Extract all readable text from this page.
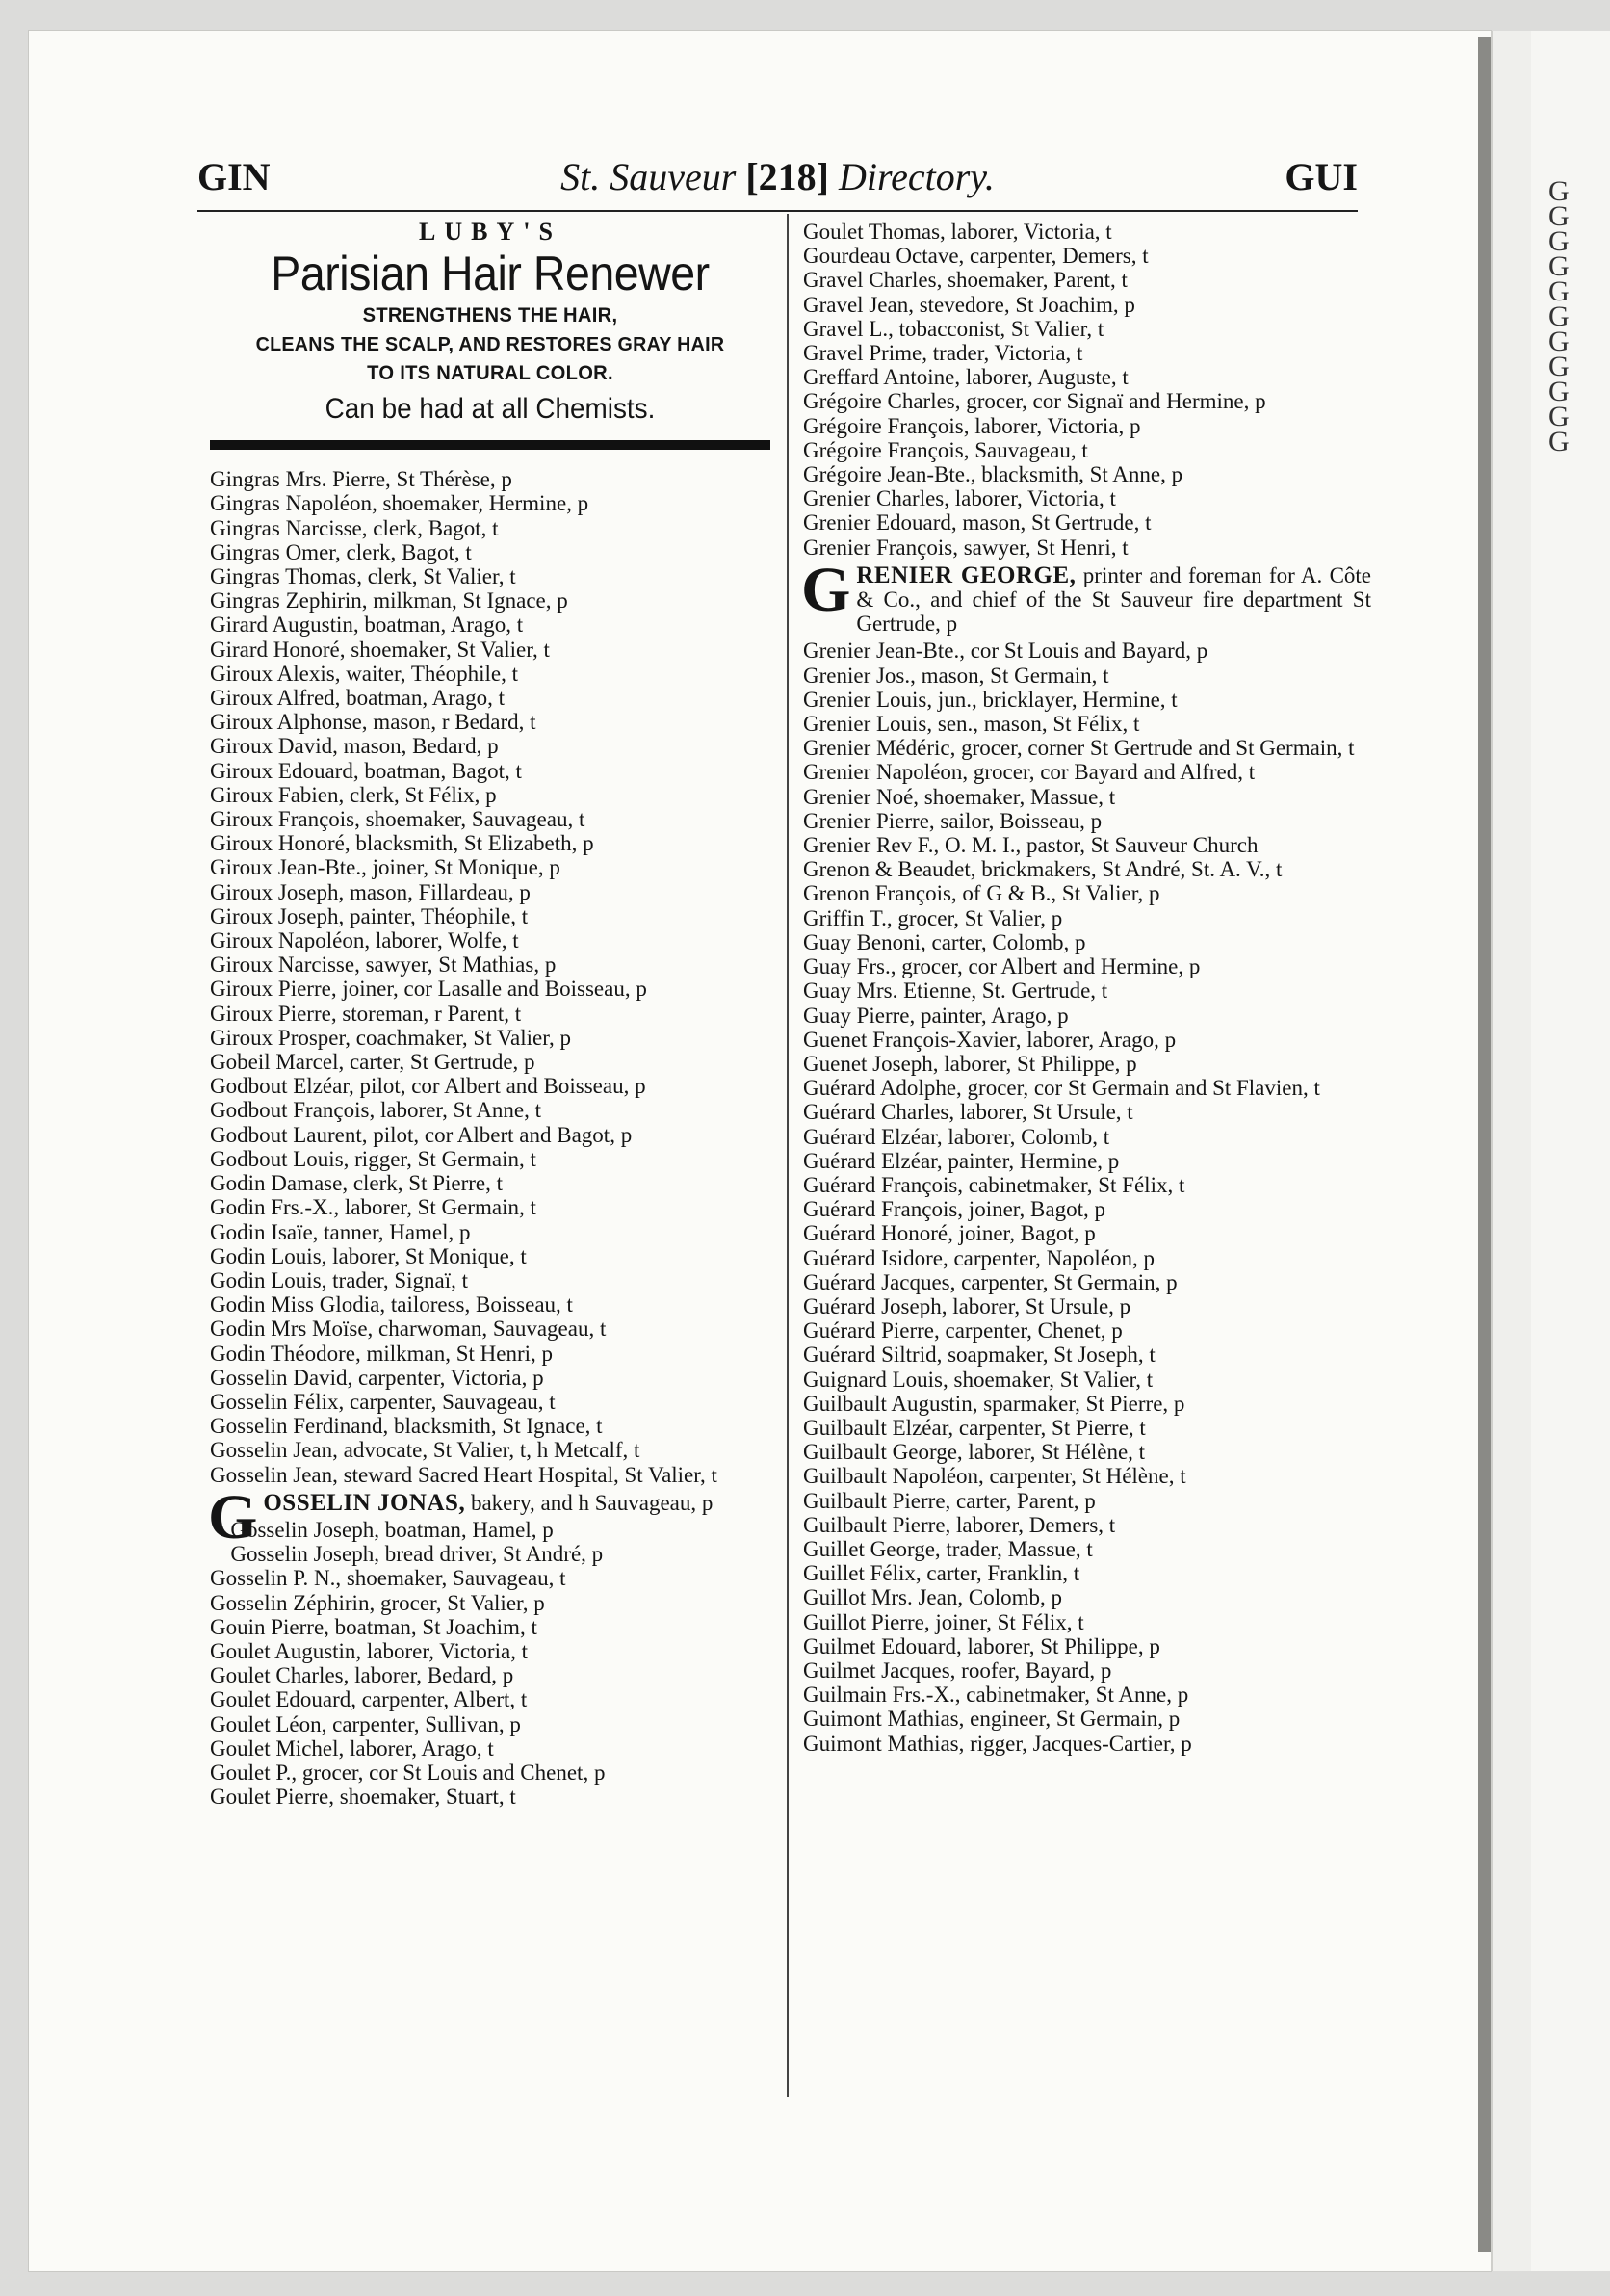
G
G
G
G
G
G
G
G
G
G
G
GIN	St. Sauveur [218] Directory.	GUI
LUBY'S
Parisian Hair Renewer
STRENGTHENS THE HAIR,
CLEANS THE SCALP, AND RESTORES GRAY HAIR
TO ITS NATURAL COLOR.
Can be had at all Chemists.
Gingras Mrs. Pierre, St Thérèse, p
Gingras Napoléon, shoemaker, Hermine, p
Gingras Narcisse, clerk, Bagot, t
Gingras Omer, clerk, Bagot, t
Gingras Thomas, clerk, St Valier, t
Gingras Zephirin, milkman, St Ignace, p
Girard Augustin, boatman, Arago, t
Girard Honoré, shoemaker, St Valier, t
Giroux Alexis, waiter, Théophile, t
Giroux Alfred, boatman, Arago, t
Giroux Alphonse, mason, r Bedard, t
Giroux David, mason, Bedard, p
Giroux Edouard, boatman, Bagot, t
Giroux Fabien, clerk, St Félix, p
Giroux François, shoemaker, Sauvageau, t
Giroux Honoré, blacksmith, St Elizabeth, p
Giroux Jean-Bte., joiner, St Monique, p
Giroux Joseph, mason, Fillardeau, p
Giroux Joseph, painter, Théophile, t
Giroux Napoléon, laborer, Wolfe, t
Giroux Narcisse, sawyer, St Mathias, p
Giroux Pierre, joiner, cor Lasalle and Boisseau, p
Giroux Pierre, storeman, r Parent, t
Giroux Prosper, coachmaker, St Valier, p
Gobeil Marcel, carter, St Gertrude, p
Godbout Elzéar, pilot, cor Albert and Boisseau, p
Godbout François, laborer, St Anne, t
Godbout Laurent, pilot, cor Albert and Bagot, p
Godbout Louis, rigger, St Germain, t
Godin Damase, clerk, St Pierre, t
Godin Frs.-X., laborer, St Germain, t
Godin Isaïe, tanner, Hamel, p
Godin Louis, laborer, St Monique, t
Godin Louis, trader, Signaï, t
Godin Miss Glodia, tailoress, Boisseau, t
Godin Mrs Moïse, charwoman, Sauvageau, t
Godin Théodore, milkman, St Henri, p
Gosselin David, carpenter, Victoria, p
Gosselin Félix, carpenter, Sauvageau, t
Gosselin Ferdinand, blacksmith, St Ignace, t
Gosselin Jean, advocate, St Valier, t, h Metcalf, t
Gosselin Jean, steward Sacred Heart Hospital, St Valier, t
GOSSELIN JONAS, bakery, and h Sauvageau, p
Gosselin Joseph, boatman, Hamel, p
Gosselin Joseph, bread driver, St André, p
Gosselin P. N., shoemaker, Sauvageau, t
Gosselin Zéphirin, grocer, St Valier, p
Gouin Pierre, boatman, St Joachim, t
Goulet Augustin, laborer, Victoria, t
Goulet Charles, laborer, Bedard, p
Goulet Edouard, carpenter, Albert, t
Goulet Léon, carpenter, Sullivan, p
Goulet Michel, laborer, Arago, t
Goulet P., grocer, cor St Louis and Chenet, p
Goulet Pierre, shoemaker, Stuart, t
Goulet Thomas, laborer, Victoria, t
Gourdeau Octave, carpenter, Demers, t
Gravel Charles, shoemaker, Parent, t
Gravel Jean, stevedore, St Joachim, p
Gravel L., tobacconist, St Valier, t
Gravel Prime, trader, Victoria, t
Greffard Antoine, laborer, Auguste, t
Grégoire Charles, grocer, cor Signaï and Hermine, p
Grégoire François, laborer, Victoria, p
Grégoire François, Sauvageau, t
Grégoire Jean-Bte., blacksmith, St Anne, p
Grenier Charles, laborer, Victoria, t
Grenier Edouard, mason, St Gertrude, t
Grenier François, sawyer, St Henri, t
GRENIER GEORGE, printer and foreman for A. Côte & Co., and chief of the St Sauveur fire department St Gertrude, p
Grenier Jean-Bte., cor St Louis and Bayard, p
Grenier Jos., mason, St Germain, t
Grenier Louis, jun., bricklayer, Hermine, t
Grenier Louis, sen., mason, St Félix, t
Grenier Médéric, grocer, corner St Gertrude and St Germain, t
Grenier Napoléon, grocer, cor Bayard and Alfred, t
Grenier Noé, shoemaker, Massue, t
Grenier Pierre, sailor, Boisseau, p
Grenier Rev F., O. M. I., pastor, St Sauveur Church
Grenon & Beaudet, brickmakers, St André, St. A. V., t
Grenon François, of G & B., St Valier, p
Griffin T., grocer, St Valier, p
Guay Benoni, carter, Colomb, p
Guay Frs., grocer, cor Albert and Hermine, p
Guay Mrs. Etienne, St. Gertrude, t
Guay Pierre, painter, Arago, p
Guenet François-Xavier, laborer, Arago, p
Guenet Joseph, laborer, St Philippe, p
Guérard Adolphe, grocer, cor St Germain and St Flavien, t
Guérard Charles, laborer, St Ursule, t
Guérard Elzéar, laborer, Colomb, t
Guérard Elzéar, painter, Hermine, p
Guérard François, cabinetmaker, St Félix, t
Guérard François, joiner, Bagot, p
Guérard Honoré, joiner, Bagot, p
Guérard Isidore, carpenter, Napoléon, p
Guérard Jacques, carpenter, St Germain, p
Guérard Joseph, laborer, St Ursule, p
Guérard Pierre, carpenter, Chenet, p
Guérard Siltrid, soapmaker, St Joseph, t
Guignard Louis, shoemaker, St Valier, t
Guilbault Augustin, sparmaker, St Pierre, p
Guilbault Elzéar, carpenter, St Pierre, t
Guilbault George, laborer, St Hélène, t
Guilbault Napoléon, carpenter, St Hélène, t
Guilbault Pierre, carter, Parent, p
Guilbault Pierre, laborer, Demers, t
Guillet George, trader, Massue, t
Guillet Félix, carter, Franklin, t
Guillot Mrs. Jean, Colomb, p
Guillot Pierre, joiner, St Félix, t
Guilmet Edouard, laborer, St Philippe, p
Guilmet Jacques, roofer, Bayard, p
Guilmain Frs.-X., cabinetmaker, St Anne, p
Guimont Mathias, engineer, St Germain, p
Guimont Mathias, rigger, Jacques-Cartier, p
